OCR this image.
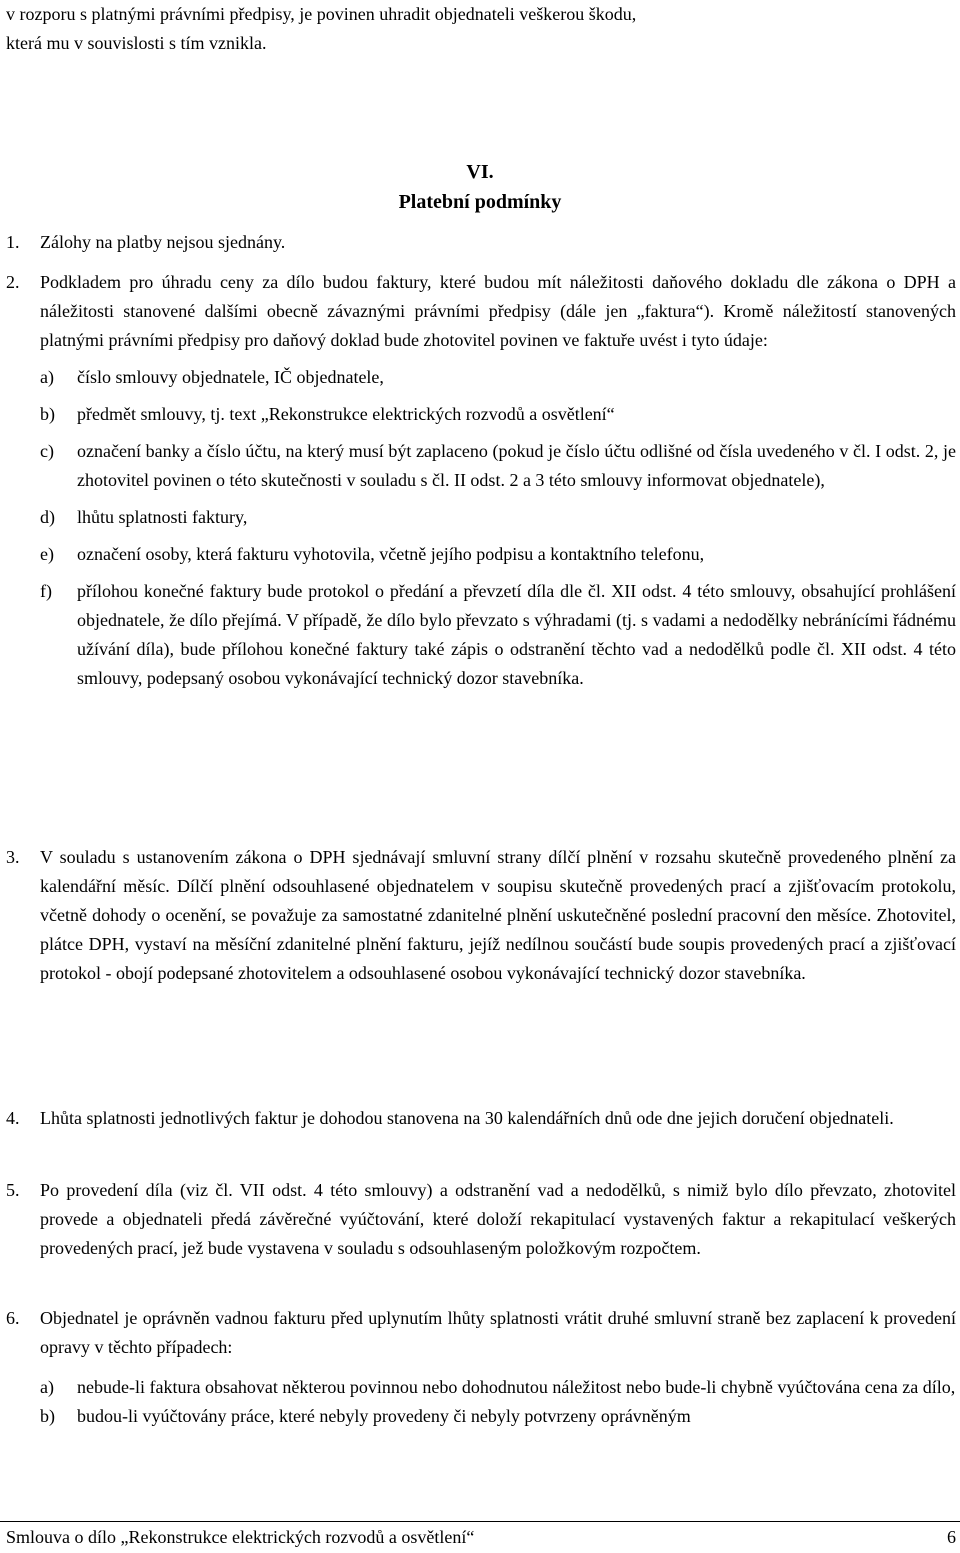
v rozporu s platnými právními předpisy, je povinen uhradit objednateli veškerou škodu,
která mu v souvislosti s tím vznikla.
VI.
Platební podmínky
1. Zálohy na platby nejsou sjednány.
2. Podkladem pro úhradu ceny za dílo budou faktury, které budou mít náležitosti daňového dokladu dle zákona o DPH a náležitosti stanovené dalšími obecně závaznými právními předpisy (dále jen „faktura“). Kromě náležitostí stanovených platnými právními předpisy pro daňový doklad bude zhotovitel povinen ve faktuře uvést i tyto údaje:
a) číslo smlouvy objednatele, IČ objednatele,
b) předmět smlouvy, tj. text „Rekonstrukce elektrických rozvodů a osvětlení“
c) označení banky a číslo účtu, na který musí být zaplaceno (pokud je číslo účtu odlišné od čísla uvedeného v čl. I odst. 2, je zhotovitel povinen o této skutečnosti v souladu s čl. II odst. 2 a 3 této smlouvy informovat objednatele),
d) lhůtu splatnosti faktury,
e) označení osoby, která fakturu vyhotovila, včetně jejího podpisu a kontaktního telefonu,
f) přílohou konečné faktury bude protokol o předání a převzetí díla dle čl. XII odst. 4 této smlouvy, obsahující prohlášení objednatele, že dílo přejímá. V případě, že dílo bylo převzato s výhradami (tj. s vadami a nedodělky nebránícími řádnému užívání díla), bude přílohou konečné faktury také zápis o odstranění těchto vad a nedodělků podle čl. XII odst. 4 této smlouvy, podepsaný osobou vykonávající technický dozor stavebníka.
3. V souladu s ustanovením zákona o DPH sjednávají smluvní strany dílčí plnění v rozsahu skutečně provedeného plnění za kalendářní měsíc. Dílčí plnění odsouhlasené objednatelem v soupisu skutečně provedených prací a zjišťovacím protokolu, včetně dohody o ocenění, se považuje za samostatné zdanitelné plnění uskutečněné poslední pracovní den měsíce. Zhotovitel, plátce DPH, vystaví na měsíční zdanitelné plnění fakturu, jejíž nedílnou součástí bude soupis provedených prací a zjišťovací protokol - obojí podepsané zhotovitelem a odsouhlasené osobou vykonávající technický dozor stavebníka.
4. Lhůta splatnosti jednotlivých faktur je dohodou stanovena na 30 kalendářních dnů ode dne jejich doručení objednateli.
5. Po provedení díla (viz čl. VII odst. 4 této smlouvy) a odstranění vad a nedodělků, s nimiž bylo dílo převzato, zhotovitel provede a objednateli předá závěrečné vyúčtování, které doloží rekapitulací vystavených faktur a rekapitulací veškerých provedených prací, jež bude vystavena v souladu s odsouhlaseným položkovým rozpočtem.
6. Objednatel je oprávněn vadnou fakturu před uplynutím lhůty splatnosti vrátit druhé smluvní straně bez zaplacení k provedení opravy v těchto případech:
a) nebude-li faktura obsahovat některou povinnou nebo dohodnutou náležitost nebo bude-li chybně vyúčtována cena za dílo,
b) budou-li vyúčtovány práce, které nebyly provedeny či nebyly potvrzeny oprávněným
Smlouva o dílo „Rekonstrukce elektrických rozvodů a osvětlení“	6
